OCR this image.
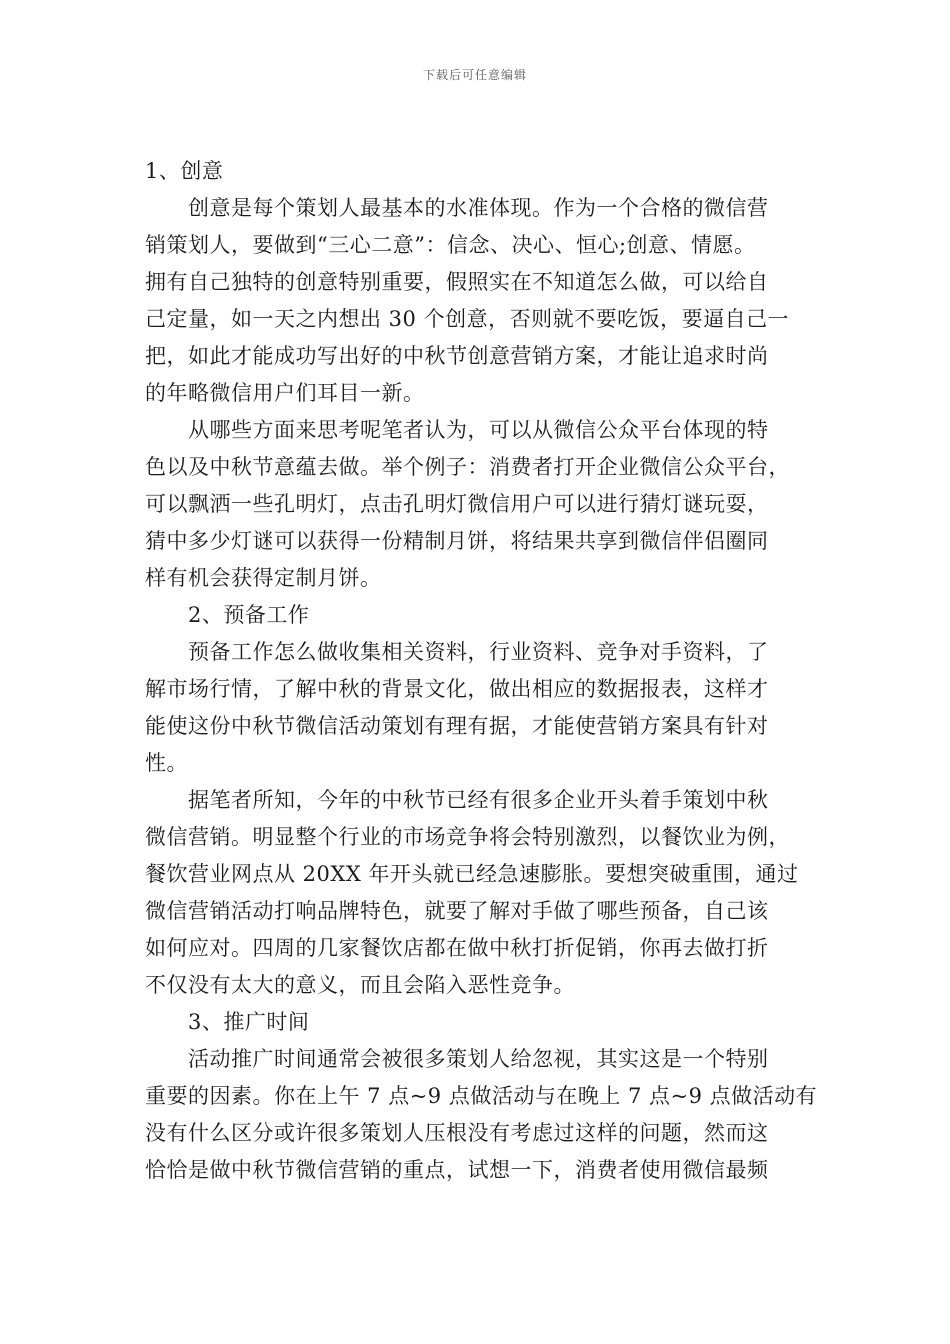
下载后可任意编辑
1、创意
创意是每个策划人最基本的水准体现。作为一个合格的微信营
销策划人，要做到“三心二意”：信念、决心、恒心;创意、情愿。
拥有自己独特的创意特别重要，假照实在不知道怎么做，可以给自
己定量，如一天之内想出 30 个创意，否则就不要吃饭，要逼自己一
把，如此才能成功写出好的中秋节创意营销方案，才能让追求时尚
的年略微信用户们耳目一新。
从哪些方面来思考呢笔者认为，可以从微信公众平台体现的特
色以及中秋节意蕴去做。举个例子：消费者打开企业微信公众平台，
可以飘洒一些孔明灯，点击孔明灯微信用户可以进行猜灯谜玩耍，
猜中多少灯谜可以获得一份精制月饼，将结果共享到微信伴侣圈同
样有机会获得定制月饼。
2、预备工作
预备工作怎么做收集相关资料，行业资料、竞争对手资料，了
解市场行情，了解中秋的背景文化，做出相应的数据报表，这样才
能使这份中秋节微信活动策划有理有据，才能使营销方案具有针对
性。
据笔者所知，今年的中秋节已经有很多企业开头着手策划中秋
微信营销。明显整个行业的市场竞争将会特别激烈，以餐饮业为例，
餐饮营业网点从 20XX 年开头就已经急速膨胀。要想突破重围，通过
微信营销活动打响品牌特色，就要了解对手做了哪些预备，自己该
如何应对。四周的几家餐饮店都在做中秋打折促销，你再去做打折
不仅没有太大的意义，而且会陷入恶性竞争。
3、推广时间
活动推广时间通常会被很多策划人给忽视，其实这是一个特别
重要的因素。你在上午 7 点~9 点做活动与在晚上 7 点~9 点做活动有
没有什么区分或许很多策划人压根没有考虑过这样的问题，然而这
恰恰是做中秋节微信营销的重点，试想一下，消费者使用微信最频
